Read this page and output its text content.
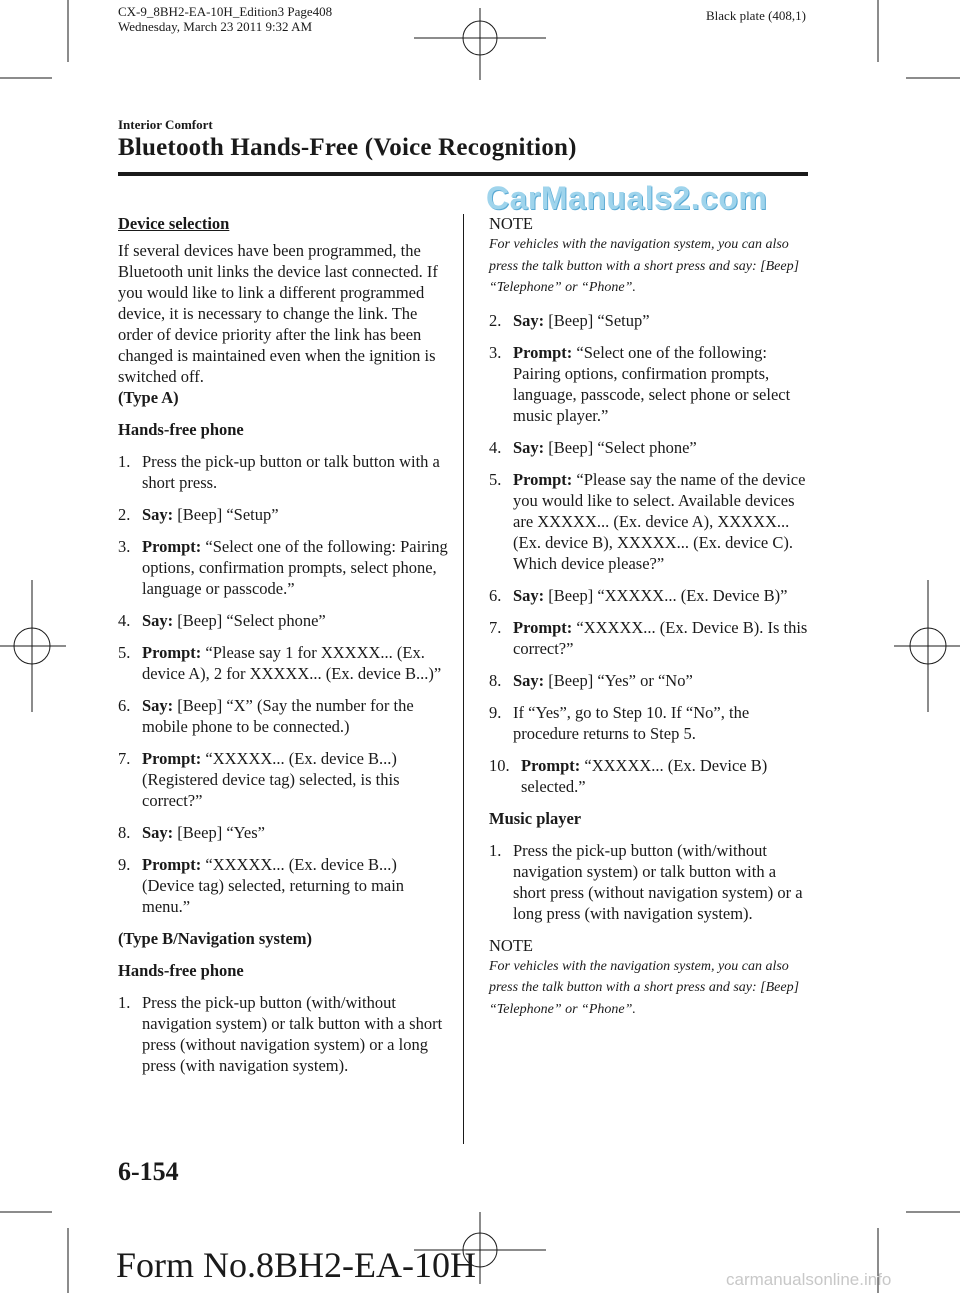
CX-9_8BH2-EA-10H_Edition3 Page408
Wednesday, March 23 2011 9:32 AM
Black plate (408,1)
Interior Comfort
Bluetooth Hands-Free (Voice Recognition)
CarManuals2.com
Device selection
If several devices have been programmed, the Bluetooth unit links the device last connected. If you would like to link a different programmed device, it is necessary to change the link. The order of device priority after the link has been changed is maintained even when the ignition is switched off.
(Type A)
Hands-free phone
1. Press the pick-up button or talk button with a short press.
2. Say: [Beep] “Setup”
3. Prompt: “Select one of the following: Pairing options, confirmation prompts, select phone, language or passcode.”
4. Say: [Beep] “Select phone”
5. Prompt: “Please say 1 for XXXXX... (Ex. device A), 2 for XXXXX... (Ex. device B...)”
6. Say: [Beep] “X” (Say the number for the mobile phone to be connected.)
7. Prompt: “XXXXX... (Ex. device B...) (Registered device tag) selected, is this correct?”
8. Say: [Beep] “Yes”
9. Prompt: “XXXXX... (Ex. device B...) (Device tag) selected, returning to main menu.”
(Type B/Navigation system)
Hands-free phone
1. Press the pick-up button (with/without navigation system) or talk button with a short press (without navigation system) or a long press (with navigation system).
NOTE
For vehicles with the navigation system, you can also press the talk button with a short press and say: [Beep] “Telephone” or “Phone”.
2. Say: [Beep] “Setup”
3. Prompt: “Select one of the following: Pairing options, confirmation prompts, language, passcode, select phone or select music player.”
4. Say: [Beep] “Select phone”
5. Prompt: “Please say the name of the device you would like to select. Available devices are XXXXX... (Ex. device A), XXXXX... (Ex. device B), XXXXX... (Ex. device C). Which device please?”
6. Say: [Beep] “XXXXX... (Ex. Device B)”
7. Prompt: “XXXXX... (Ex. Device B). Is this correct?”
8. Say: [Beep] “Yes” or “No”
9. If “Yes”, go to Step 10. If “No”, the procedure returns to Step 5.
10. Prompt: “XXXXX... (Ex. Device B) selected.”
Music player
1. Press the pick-up button (with/without navigation system) or talk button with a short press (without navigation system) or a long press (with navigation system).
NOTE
For vehicles with the navigation system, you can also press the talk button with a short press and say: [Beep] “Telephone” or “Phone”.
6-154
Form No.8BH2-EA-10H	carmanualsonline.info
